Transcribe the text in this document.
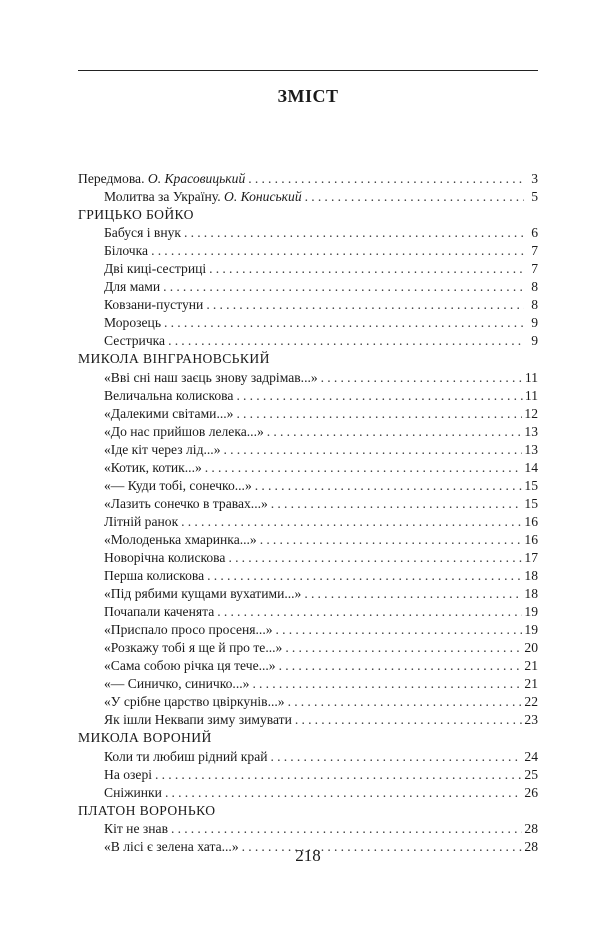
ЗМІСТ
Передмова. О. Красовицький .....	3
Молитва за Україну. О. Кониський .....	5
ГРИЦЬКО БОЙКО
Бабуся і внук .....	6
Білочка .....	7
Дві киці-сестриці .....	7
Для мами .....	8
Ковзани-пустуни .....	8
Морозець .....	9
Сестричка .....	9
МИКОЛА ВІНГРАНОВСЬКИЙ
«Вві сні наш заєць знову задрімав...» .....	11
Величальна колискова .....	11
«Далекими світами...» .....	12
«До нас прийшов лелека...» .....	13
«Іде кіт через лід...» .....	13
«Котик, котик...» .....	14
«— Куди тобі, сонечко...» .....	15
«Лазить сонечко в травах...» .....	15
Літній ранок .....	16
«Молоденька хмаринка...» .....	16
Новорічна колискова .....	17
Перша колискова .....	18
«Під рябими кущами вухатими...» .....	18
Почапали каченята .....	19
«Приспало просо просеня...» .....	19
«Розкажу тобі я ще й про те...» .....	20
«Сама собою річка ця тече...» .....	21
«— Синичко, синичко...» .....	21
«У срібне царство цвіркунів...» .....	22
Як ішли Неквапи зиму зимувати .....	23
МИКОЛА ВОРОНИЙ
Коли ти любиш рідний край .....	24
На озері .....	25
Сніжинки .....	26
ПЛАТОН ВОРОНЬКО
Кіт не знав .....	28
«В лісі є зелена хата...» .....	28
218
